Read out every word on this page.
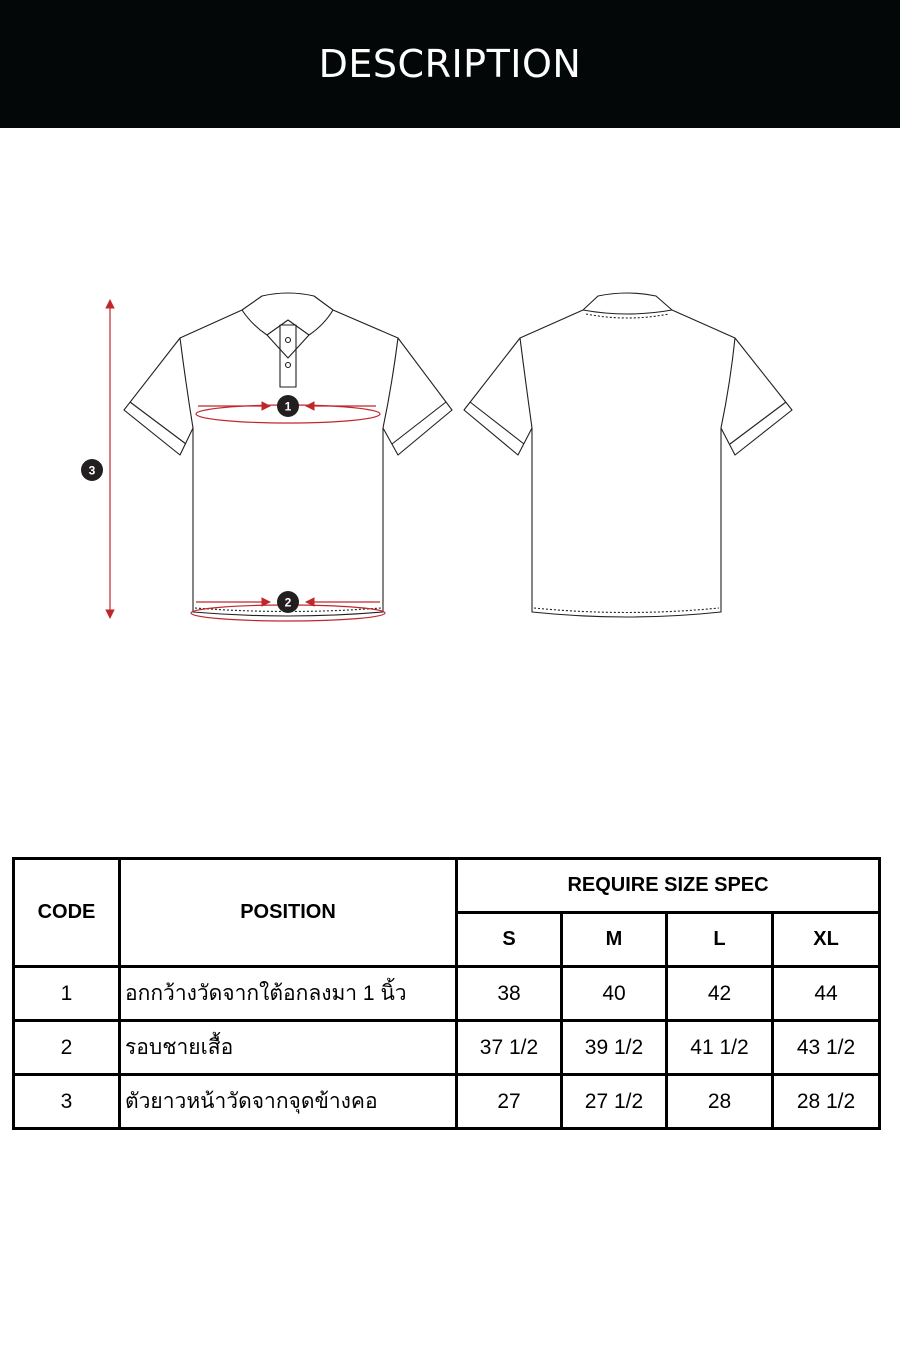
DESCRIPTION
3
1
2
CODE	POSITION	REQUIRE SIZE SPEC			
		S	M	L	XL
1	อกกว้างวัดจากใต้อกลงมา 1 นิ้ว	38	40	42	44
2	รอบชายเสื้อ	37 1/2	39 1/2	41 1/2	43 1/2
3	ตัวยาวหน้าวัดจากจุดข้างคอ	27	27 1/2	28	28 1/2
